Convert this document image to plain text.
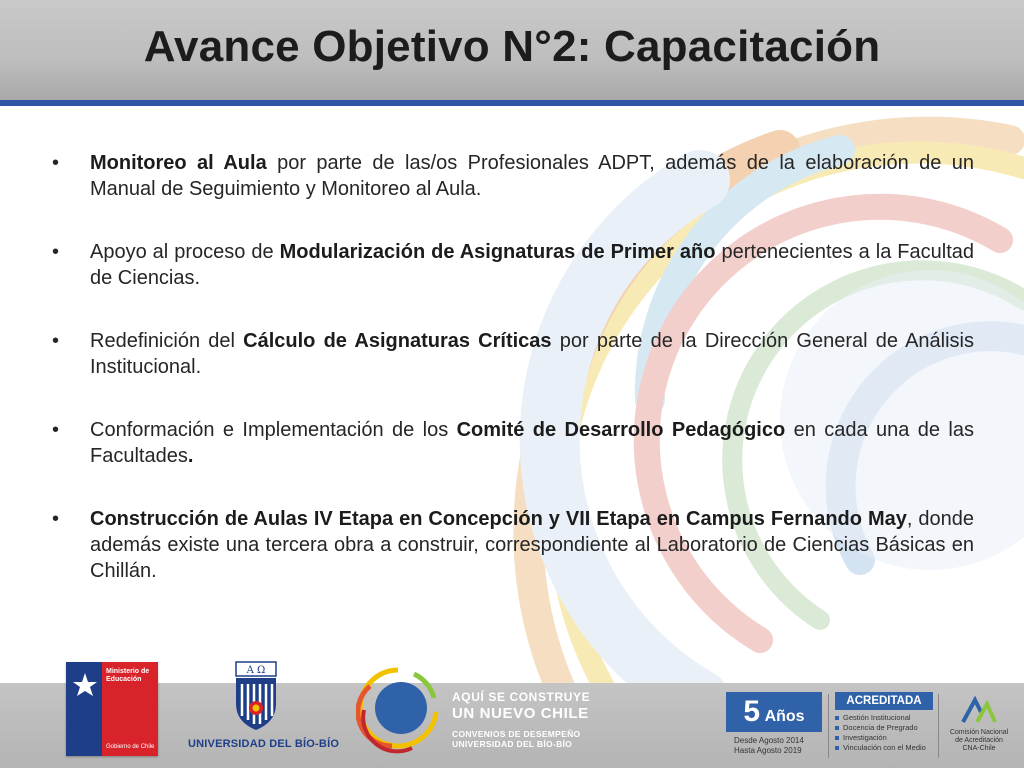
Avance Objetivo N°2: Capacitación
• Monitoreo al Aula por parte de las/os Profesionales ADPT, además de la elaboración de un Manual de Seguimiento y Monitoreo al Aula.
• Apoyo al proceso de Modularización de Asignaturas de Primer año pertenecientes a la Facultad de Ciencias.
• Redefinición del Cálculo de Asignaturas Críticas por parte de la Dirección General de Análisis Institucional.
• Conformación e Implementación de los Comité de Desarrollo Pedagógico en cada una de las Facultades.
• Construcción de Aulas IV Etapa en Concepción y VII Etapa en Campus Fernando May, donde además existe una tercera obra a construir, correspondiente al Laboratorio de Ciencias Básicas en Chillán.
Ministerio de
Educación
Gobierno de Chile
A Ω
UNIVERSIDAD DEL BÍO-BÍO
AQUÍ SE CONSTRUYE
UN NUEVO CHILE
CONVENIOS DE DESEMPEÑO
UNIVERSIDAD DEL BÍO-BÍO
5 Años
Desde Agosto 2014
Hasta Agosto 2019
ACREDITADA
Gestión Institucional
Docencia de Pregrado
Investigación
Vinculación con el Medio
Comisión Nacional
de Acreditación
CNA-Chile
